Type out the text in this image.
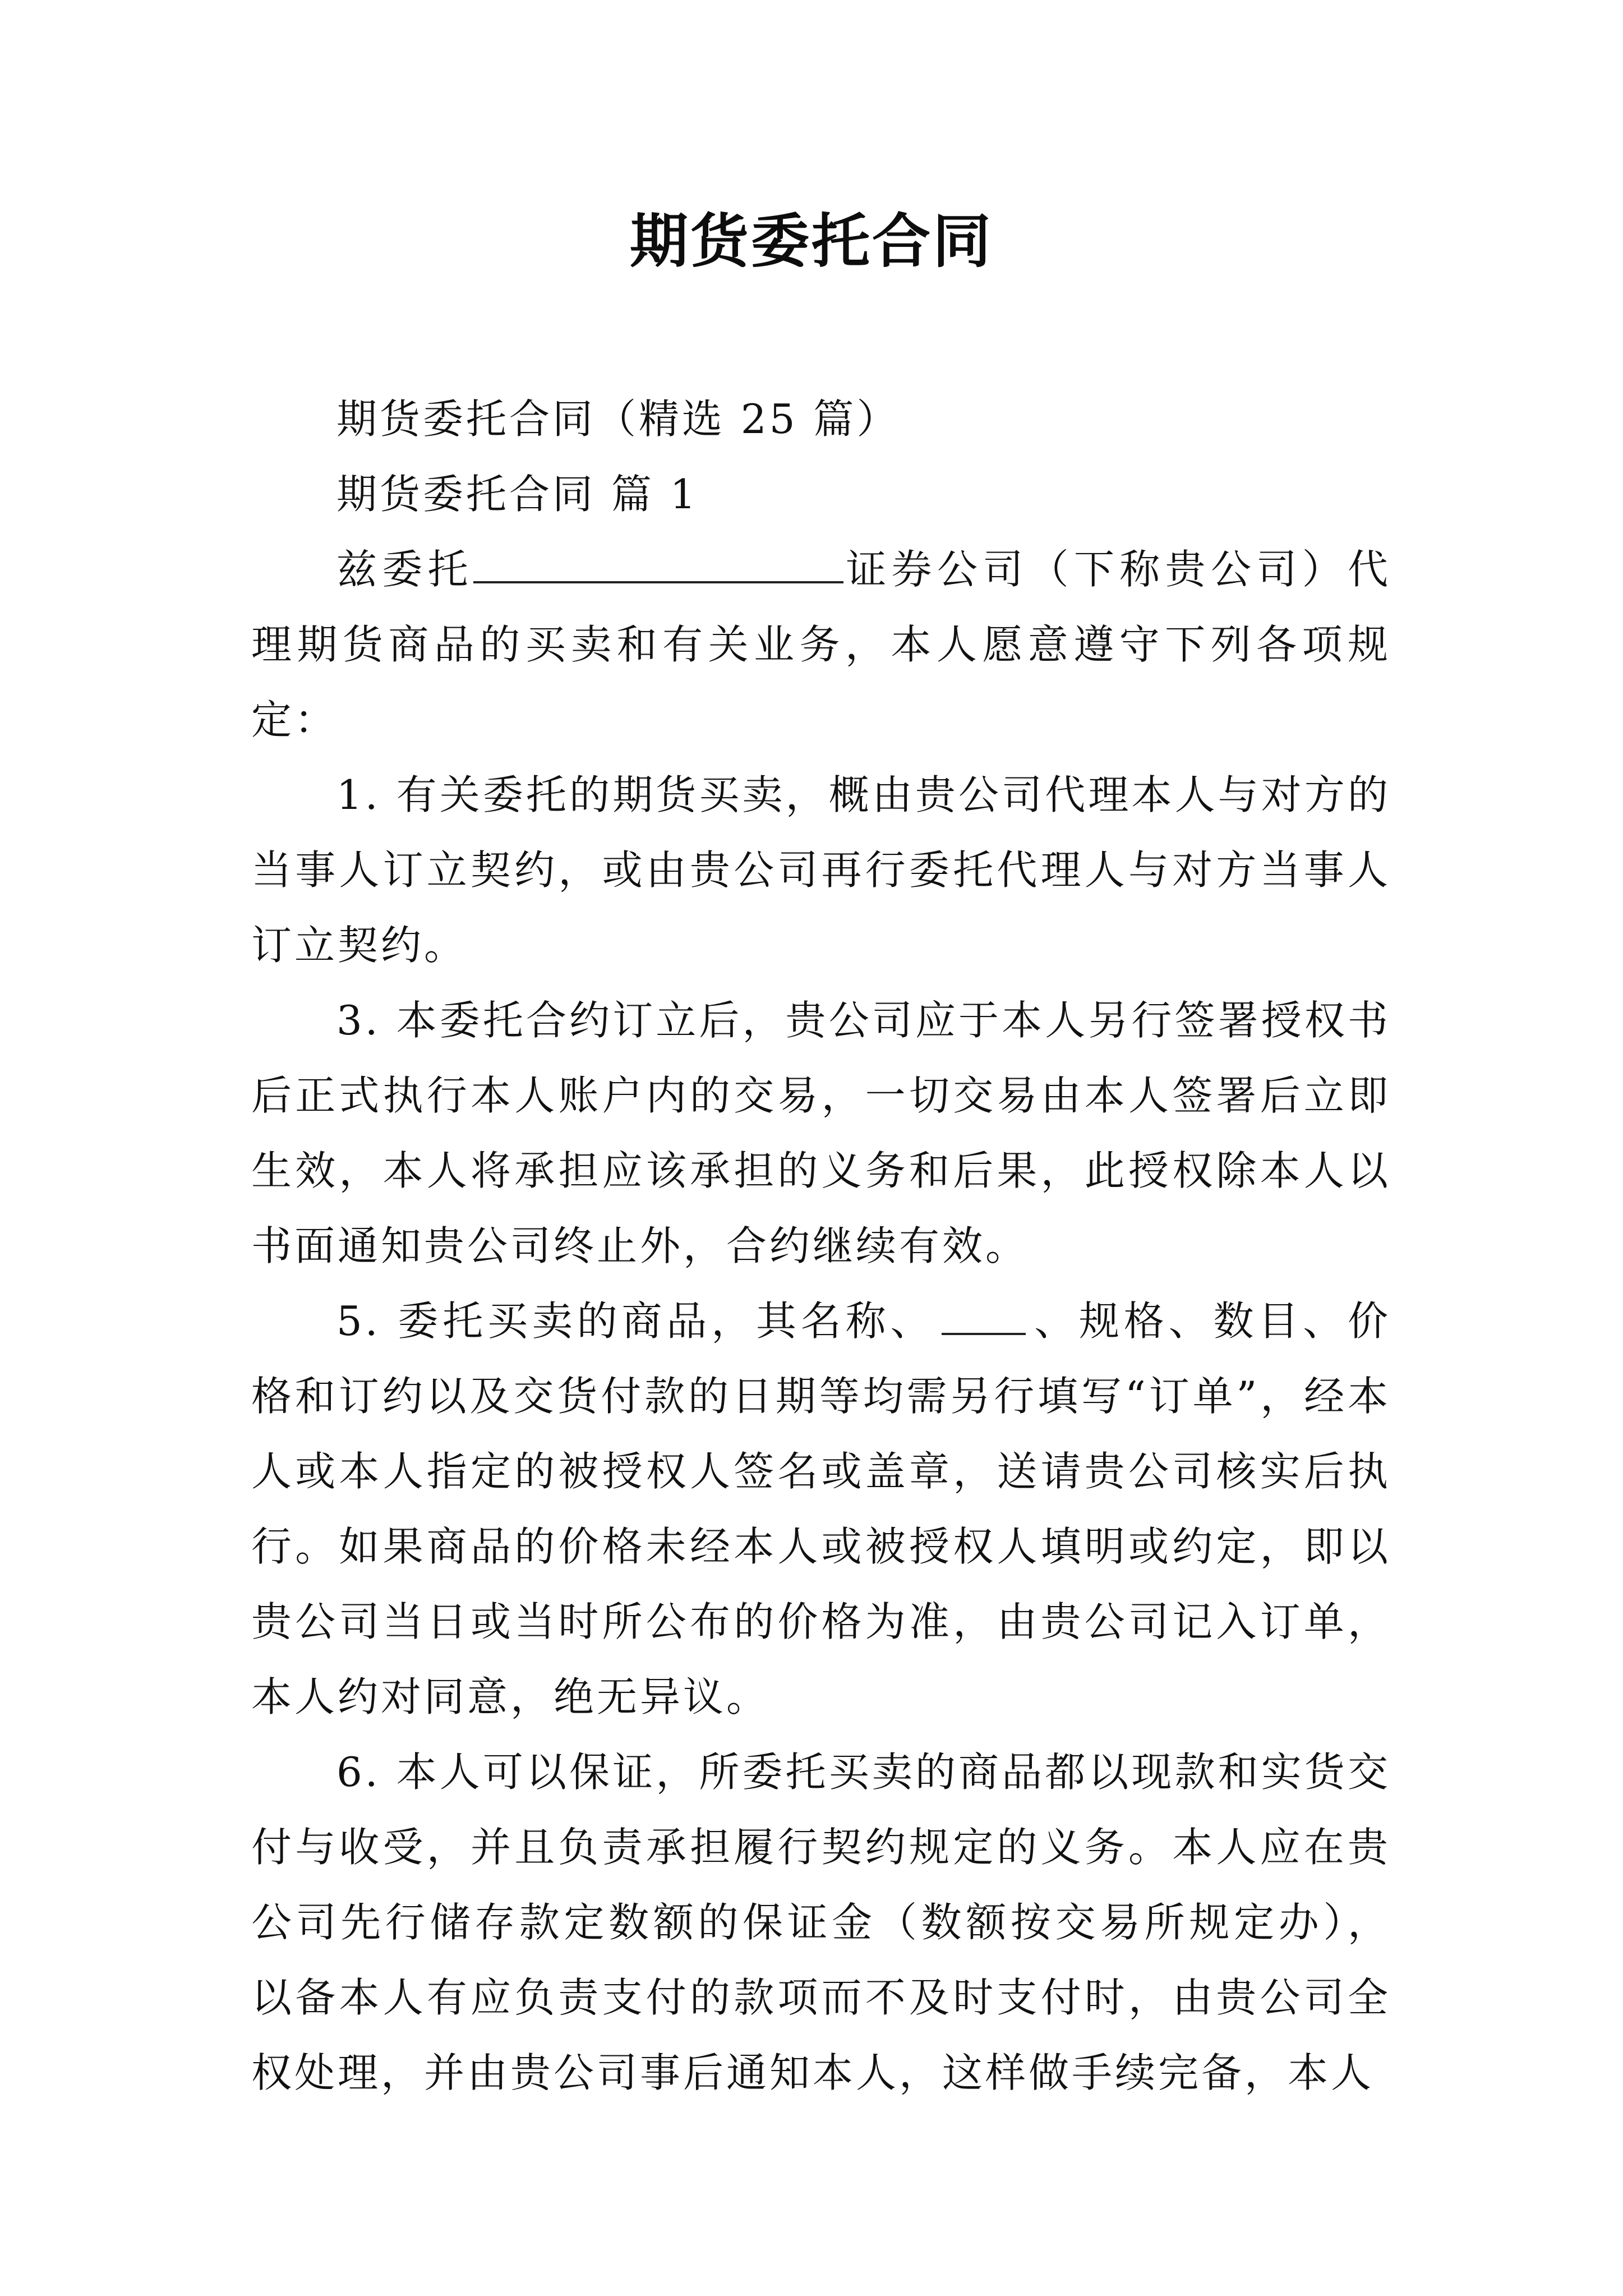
期货委托合同

期货委托合同（精选 25 篇）

期货委托合同 篇 1

兹委托	证券公司（下称贵公司）代理期货商品的买卖和有关业务，本人愿意遵守下列各项规定：

1. 有关委托的期货买卖，概由贵公司代理本人与对方的当事人订立契约，或由贵公司再行委托代理人与对方当事人订立契约。

3. 本委托合约订立后，贵公司应于本人另行签署授权书后正式执行本人账户内的交易，一切交易由本人签署后立即生效，本人将承担应该承担的义务和后果，此授权除本人以书面通知贵公司终止外，合约继续有效。

5. 委托买卖的商品，其名称、 、规格、数目、价格和订约以及交货付款的日期等均需另行填写“订单”，经本人或本人指定的被授权人签名或盖章，送请贵公司核实后执行。如果商品的价格未经本人或被授权人填明或约定，即以贵公司当日或当时所公布的价格为准，由贵公司记入订单，本人约对同意，绝无异议。

6. 本人可以保证，所委托买卖的商品都以现款和实货交付与收受，并且负责承担履行契约规定的义务。本人应在贵公司先行储存款定数额的保证金（数额按交易所规定办），以备本人有应负责支付的款项而不及时支付时，由贵公司全权处理，并由贵公司事后通知本人，这样做手续完备，本人
